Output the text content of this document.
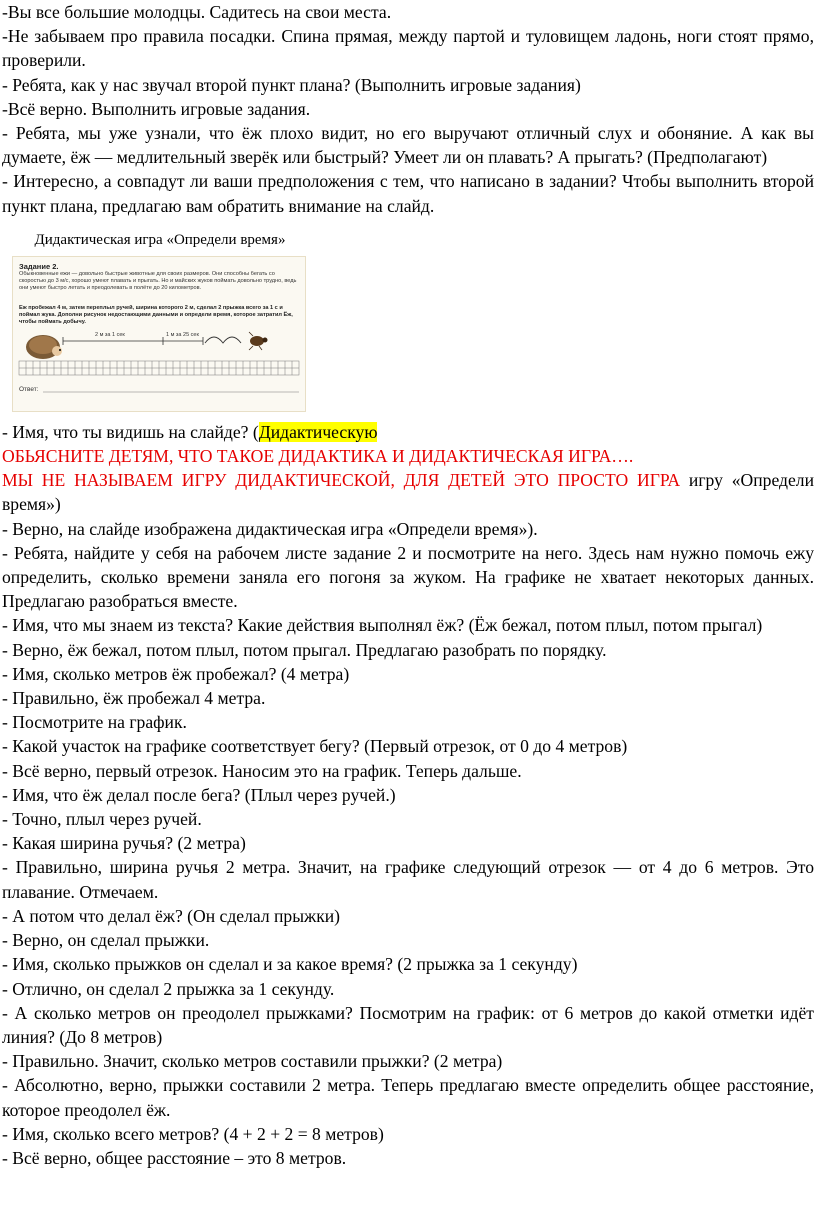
-Вы все большие молодцы. Садитесь на свои места.

-Не забываем про правила посадки. Спина прямая, между партой и туловищем ладонь, ноги стоят прямо, проверили.

- Ребята, как у нас звучал второй пункт плана? (Выполнить игровые задания)

-Всё верно. Выполнить игровые задания.

- Ребята, мы уже узнали, что ёж плохо видит, но его выручают отличный слух и обоняние. А как вы думаете, ёж — медлительный зверёк или быстрый? Умеет ли он плавать? А прыгать? (Предполагают)

- Интересно, а совпадут ли ваши предположения с тем, что написано в задании? Чтобы выполнить второй пункт плана, предлагаю вам обратить внимание на слайд.

Дидактическая игра «Определи время»
Задание 2.
Обыкновенные ежи — довольно быстрые животные для своих размеров. Они способны бегать со скоростью до 3 м/с, хорошо умеют плавать и прыгать. Но и майских жуков поймать довольно трудно, ведь они умеют быстро летать и преодолевать в полёте до 20 километров.
Ёж пробежал 4 м, затем переплыл ручей, ширина которого 2 м, сделал 2 прыжка всего за 1 с и поймал жука. Дополни рисунок недостающими данными и определи время, которое затратил Ёж, чтобы поймать добычу.
2 м за 1 сек	1 м за 25 сек
Ответ:

- Имя, что ты видишь на слайде? (Дидактическую

ОБЬЯСНИТЕ ДЕТЯМ, ЧТО ТАКОЕ ДИДАКТИКА И ДИДАКТИЧЕСКАЯ ИГРА….

МЫ НЕ НАЗЫВАЕМ ИГРУ ДИДАКТИЧЕСКОЙ, ДЛЯ ДЕТЕЙ ЭТО ПРОСТО ИГРА игру «Определи время»)

- Верно, на слайде изображена дидактическая игра «Определи время»).

- Ребята, найдите у себя на рабочем листе задание 2 и посмотрите на него. Здесь нам нужно помочь ежу определить, сколько времени заняла его погоня за жуком. На графике не хватает некоторых данных. Предлагаю разобраться вместе.

- Имя, что мы знаем из текста? Какие действия выполнял ёж? (Ёж бежал, потом плыл, потом прыгал)

- Верно, ёж бежал, потом плыл, потом прыгал. Предлагаю разобрать по порядку.

- Имя, сколько метров ёж пробежал? (4 метра)

- Правильно, ёж пробежал 4 метра.

- Посмотрите на график.

- Какой участок на графике соответствует бегу? (Первый отрезок, от 0 до 4 метров)

- Всё верно, первый отрезок. Наносим это на график. Теперь дальше.

- Имя, что ёж делал после бега? (Плыл через ручей.)

- Точно, плыл через ручей.

- Какая ширина ручья? (2 метра)

- Правильно, ширина ручья 2 метра. Значит, на графике следующий отрезок — от 4 до 6 метров. Это плавание. Отмечаем.

- А потом что делал ёж? (Он сделал прыжки)

- Верно, он сделал прыжки.

- Имя, сколько прыжков он сделал и за какое время? (2 прыжка за 1 секунду)

- Отлично, он сделал 2 прыжка за 1 секунду.

- А сколько метров он преодолел прыжками? Посмотрим на график: от 6 метров до какой отметки идёт линия? (До 8 метров)

- Правильно. Значит, сколько метров составили прыжки? (2 метра)

- Абсолютно, верно, прыжки составили 2 метра. Теперь предлагаю вместе определить общее расстояние, которое преодолел ёж.

- Имя, сколько всего метров? (4 + 2 + 2 = 8 метров)

- Всё верно, общее расстояние – это 8 метров.
